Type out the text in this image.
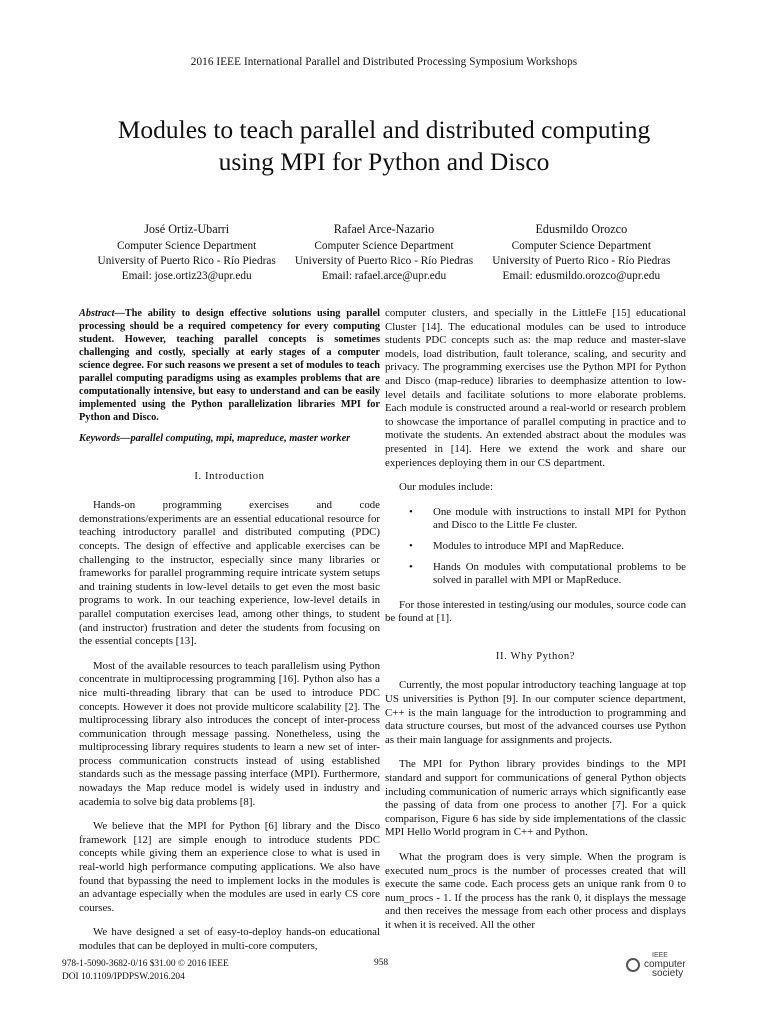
2016 IEEE International Parallel and Distributed Processing Symposium Workshops
Modules to teach parallel and distributed computing
using MPI for Python and Disco
José Ortiz-Ubarri
Computer Science Department
University of Puerto Rico - Río Piedras
Email: jose.ortiz23@upr.edu
Rafael Arce-Nazario
Computer Science Department
University of Puerto Rico - Río Piedras
Email: rafael.arce@upr.edu
Edusmildo Orozco
Computer Science Department
University of Puerto Rico - Río Piedras
Email: edusmildo.orozco@upr.edu

Abstract—The ability to design effective solutions using parallel processing should be a required competency for every computing student. However, teaching parallel concepts is sometimes challenging and costly, specially at early stages of a computer science degree. For such reasons we present a set of modules to teach parallel computing paradigms using as examples problems that are computationally intensive, but easy to understand and can be easily implemented using the Python parallelization libraries MPI for Python and Disco.

Keywords—parallel computing, mpi, mapreduce, master worker

I. Introduction

Hands-on programming exercises and code demonstrations/experiments are an essential educational resource for teaching introductory parallel and distributed computing (PDC) concepts. The design of effective and applicable exercises can be challenging to the instructor, especially since many libraries or frameworks for parallel programming require intricate system setups and training students in low-level details to get even the most basic programs to work. In our teaching experience, low-level details in parallel computation exercises lead, among other things, to student (and instructor) frustration and deter the students from focusing on the essential concepts [13].

Most of the available resources to teach parallelism using Python concentrate in multiprocessing programming [16]. Python also has a nice multi-threading library that can be used to introduce PDC concepts. However it does not provide multicore scalability [2]. The multiprocessing library also introduces the concept of inter-process communication through message passing. Nonetheless, using the multiprocessing library requires students to learn a new set of inter-process communication constructs instead of using established standards such as the message passing interface (MPI). Furthermore, nowadays the Map reduce model is widely used in industry and academia to solve big data problems [8].

We believe that the MPI for Python [6] library and the Disco framework [12] are simple enough to introduce students PDC concepts while giving them an experience close to what is used in real-world high performance computing applications. We also have found that bypassing the need to implement locks in the modules is an advantage especially when the modules are used in early CS core courses.

We have designed a set of easy-to-deploy hands-on educational modules that can be deployed in multi-core computers,

computer clusters, and specially in the LittleFe [15] educational Cluster [14]. The educational modules can be used to introduce students PDC concepts such as: the map reduce and master-slave models, load distribution, fault tolerance, scaling, and security and privacy. The programming exercises use the Python MPI for Python and Disco (map-reduce) libraries to deemphasize attention to low-level details and facilitate solutions to more elaborate problems. Each module is constructed around a real-world or research problem to showcase the importance of parallel computing in practice and to motivate the students. An extended abstract about the modules was presented in [14]. Here we extend the work and share our experiences deploying them in our CS department.

Our modules include:

• One module with instructions to install MPI for Python and Disco to the Little Fe cluster.
• Modules to introduce MPI and MapReduce.
• Hands On modules with computational problems to be solved in parallel with MPI or MapReduce.

For those interested in testing/using our modules, source code can be found at [1].

II. Why Python?

Currently, the most popular introductory teaching language at top US universities is Python [9]. In our computer science department, C++ is the main language for the introduction to programming and data structure courses, but most of the advanced courses use Python as their main language for assignments and projects.

The MPI for Python library provides bindings to the MPI standard and support for communications of general Python objects including communication of numeric arrays which significantly ease the passing of data from one process to another [7]. For a quick comparison, Figure 6 has side by side implementations of the classic MPI Hello World program in C++ and Python.

What the program does is very simple. When the program is executed num_procs is the number of processes created that will execute the same code. Each process gets an unique rank from 0 to num_procs - 1. If the process has the rank 0, it displays the message and then receives the message from each other process and displays it when it is received. All the other

978-1-5090-3682-0/16 $31.00 © 2016 IEEE
DOI 10.1109/IPDPSW.2016.204
958
IEEE
computer
society
